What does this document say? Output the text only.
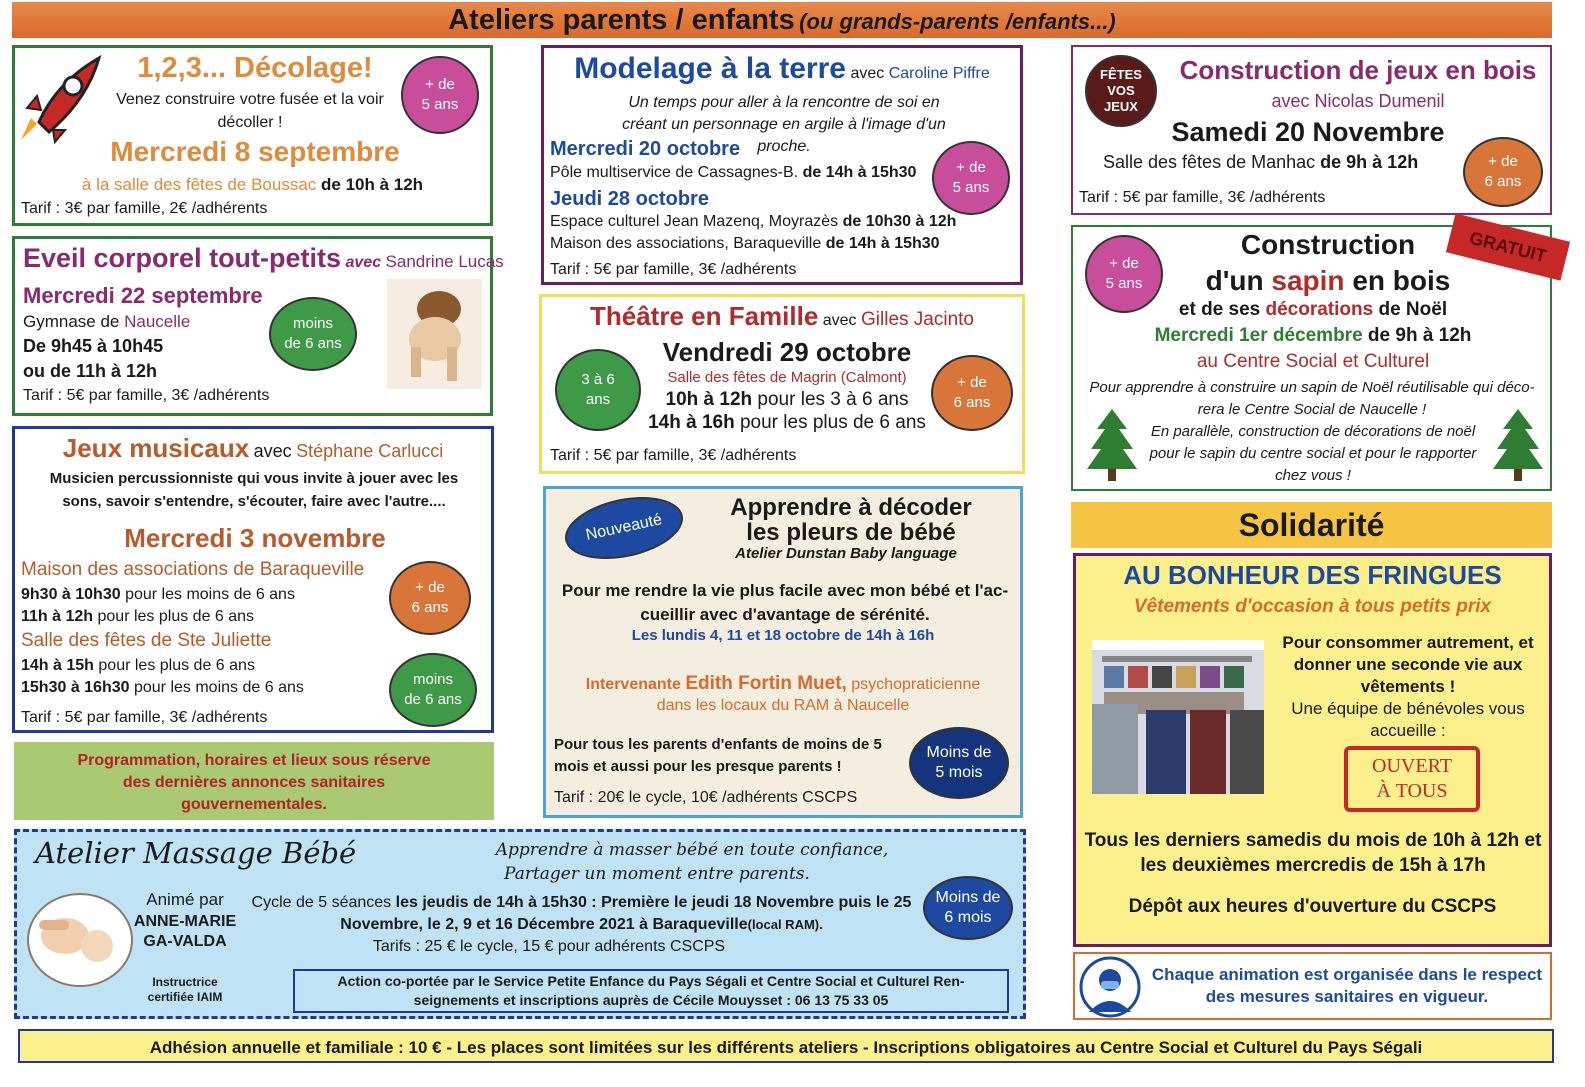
Ateliers parents / enfants (ou grands-parents /enfants...)
1,2,3... Décolage!
Venez construire votre fusée et la voir décoller !
Mercredi 8 septembre
à la salle des fêtes de Boussac de 10h à 12h
Tarif : 3€ par famille, 2€ /adhérents
+ de
5 ans
Eveil corporel tout-petits avec Sandrine Lucas
Mercredi 22 septembre
Gymnase de Naucelle
De 9h45 à 10h45
ou de 11h à 12h
Tarif : 5€ par famille, 3€ /adhérents
moins
de 6 ans
Jeux musicaux avec Stéphane Carlucci
Musicien percussionniste qui vous invite à jouer avec les sons, savoir s'entendre, s'écouter, faire avec l'autre....
Mercredi 3 novembre
Maison des associations de Baraqueville
9h30 à 10h30 pour les moins de 6 ans
11h à 12h pour les plus de 6 ans
Salle des fêtes de Ste Juliette
14h à 15h pour les plus de 6 ans
15h30 à 16h30 pour les moins de 6 ans
Tarif : 5€ par famille, 3€ /adhérents
+ de
6 ans
moins
de 6 ans
Programmation, horaires et lieux sous réserve des dernières annonces sanitaires gouvernementales.
Modelage à la terre avec Caroline Piffre
Un temps pour aller à la rencontre de soi en créant un personnage en argile à l'image d'un proche.
Mercredi 20 octobre
Pôle multiservice de Cassagnes-B. de 14h à 15h30
Jeudi 28 octobre
Espace culturel Jean Mazenq, Moyrazès de 10h30 à 12h
Maison des associations, Baraqueville de 14h à 15h30
Tarif : 5€ par famille, 3€ /adhérents
+ de
5 ans
Théâtre en Famille avec Gilles Jacinto
Vendredi 29 octobre
Salle des fêtes de Magrin (Calmont)
10h à 12h pour les 3 à 6 ans
14h à 16h pour les plus de 6 ans
Tarif : 5€ par famille, 3€ /adhérents
3 à 6
ans
+ de
6 ans
Nouveauté
Apprendre à décoder les pleurs de bébé
Atelier Dunstan Baby language
Pour me rendre la vie plus facile avec mon bébé et l'ac-cueillir avec d'avantage de sérénité.
Les lundis 4, 11 et 18 octobre de 14h à 16h
Intervenante Edith Fortin Muet, psychopraticienne
dans les locaux du RAM à Naucelle
Pour tous les parents d'enfants de moins de 5 mois et aussi pour les presque parents !
Tarif : 20€ le cycle, 10€ /adhérents CSCPS
Moins de
5 mois
FÊTES VOS JEUX
Construction de jeux en bois
avec Nicolas Dumenil
Samedi 20 Novembre
Salle des fêtes de Manhac de 9h à 12h
Tarif : 5€ par famille, 3€ /adhérents
+ de
6 ans
GRATUIT
+ de
5 ans
Construction
d'un sapin en bois
et de ses décorations de Noël
Mercredi 1er décembre de 9h à 12h
au Centre Social et Culturel
Pour apprendre à construire un sapin de Noël réutilisable qui déco-rera le Centre Social de Naucelle !
En parallèle, construction de décorations de noël pour le sapin du centre social et pour le rapporter chez vous !
Solidarité
AU BONHEUR DES FRINGUES
Vêtements d'occasion à tous petits prix
Pour consommer autrement, et donner une seconde vie aux vêtements !
Une équipe de bénévoles vous accueille :
OUVERT
À TOUS
Tous les derniers samedis du mois de 10h à 12h et les deuxièmes mercredis de 15h à 17h
Dépôt aux heures d'ouverture du CSCPS
Chaque animation est organisée dans le respect des mesures sanitaires en vigueur.
Atelier Massage Bébé	Apprendre à masser bébé en toute confiance,
Partager un moment entre parents.
Animé par
ANNE-MARIE GA-VALDA
Instructrice certifiée IAIM
Cycle de 5 séances les jeudis de 14h à 15h30 : Première le jeudi 18 Novembre puis le 25 Novembre, le 2, 9 et 16 Décembre 2021 à Baraqueville(local RAM).
Tarifs : 25 € le cycle, 15 € pour adhérents CSCPS
Action co-portée par le Service Petite Enfance du Pays Ségali et Centre Social et Culturel Ren-seignements et inscriptions auprès de Cécile Mouysset : 06 13 75 33 05
Moins de
6 mois
Adhésion annuelle et familiale : 10 € - Les places sont limitées sur les différents ateliers - Inscriptions obligatoires au Centre Social et Culturel du Pays Ségali
